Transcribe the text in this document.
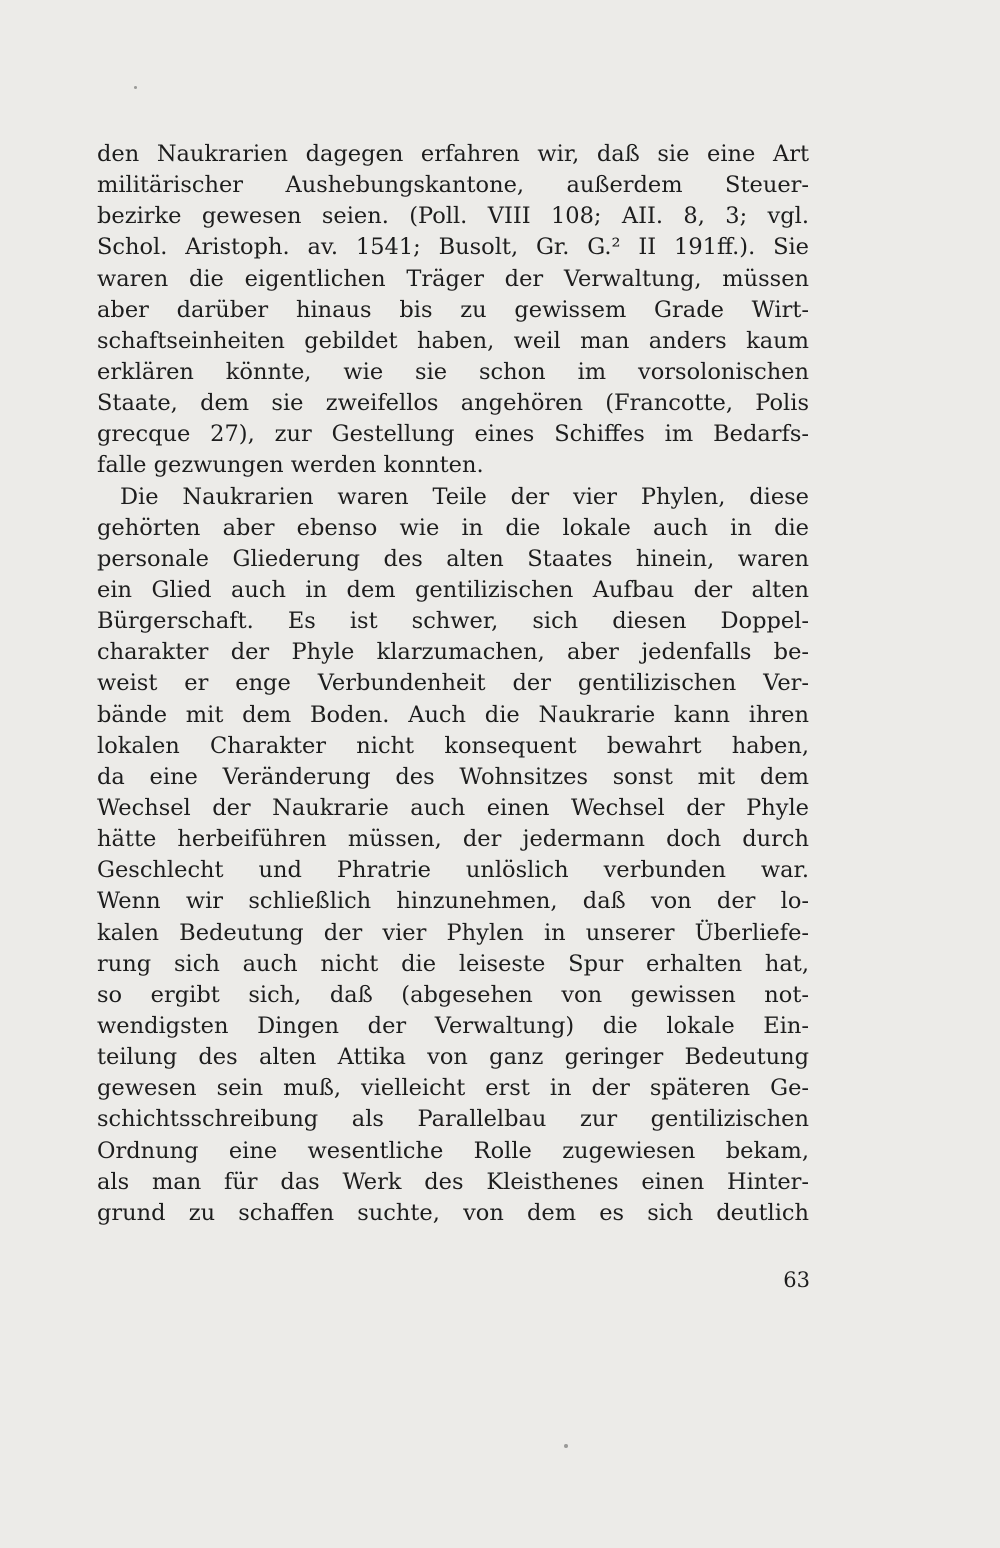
den Naukrarien dagegen erfahren wir, daß sie eine Art
militärischer Aushebungskantone, außerdem Steuer-
bezirke gewesen seien. (Poll. VIII 108; AII. 8, 3; vgl.
Schol. Aristoph. av. 1541; Busolt, Gr. G.² II 191ff.). Sie
waren die eigentlichen Träger der Verwaltung, müssen
aber darüber hinaus bis zu gewissem Grade Wirt-
schaftseinheiten gebildet haben, weil man anders kaum
erklären könnte, wie sie schon im vorsolonischen
Staate, dem sie zweifellos angehören (Francotte, Polis
grecque 27), zur Gestellung eines Schiffes im Bedarfs-
falle gezwungen werden konnten.
Die Naukrarien waren Teile der vier Phylen, diese
gehörten aber ebenso wie in die lokale auch in die
personale Gliederung des alten Staates hinein, waren
ein Glied auch in dem gentilizischen Aufbau der alten
Bürgerschaft. Es ist schwer, sich diesen Doppel-
charakter der Phyle klarzumachen, aber jedenfalls be-
weist er enge Verbundenheit der gentilizischen Ver-
bände mit dem Boden. Auch die Naukrarie kann ihren
lokalen Charakter nicht konsequent bewahrt haben,
da eine Veränderung des Wohnsitzes sonst mit dem
Wechsel der Naukrarie auch einen Wechsel der Phyle
hätte herbeiführen müssen, der jedermann doch durch
Geschlecht und Phratrie unlöslich verbunden war.
Wenn wir schließlich hinzunehmen, daß von der lo-
kalen Bedeutung der vier Phylen in unserer Überliefe-
rung sich auch nicht die leiseste Spur erhalten hat,
so ergibt sich, daß (abgesehen von gewissen not-
wendigsten Dingen der Verwaltung) die lokale Ein-
teilung des alten Attika von ganz geringer Bedeutung
gewesen sein muß, vielleicht erst in der späteren Ge-
schichtsschreibung als Parallelbau zur gentilizischen
Ordnung eine wesentliche Rolle zugewiesen bekam,
als man für das Werk des Kleisthenes einen Hinter-
grund zu schaffen suchte, von dem es sich deutlich
63
